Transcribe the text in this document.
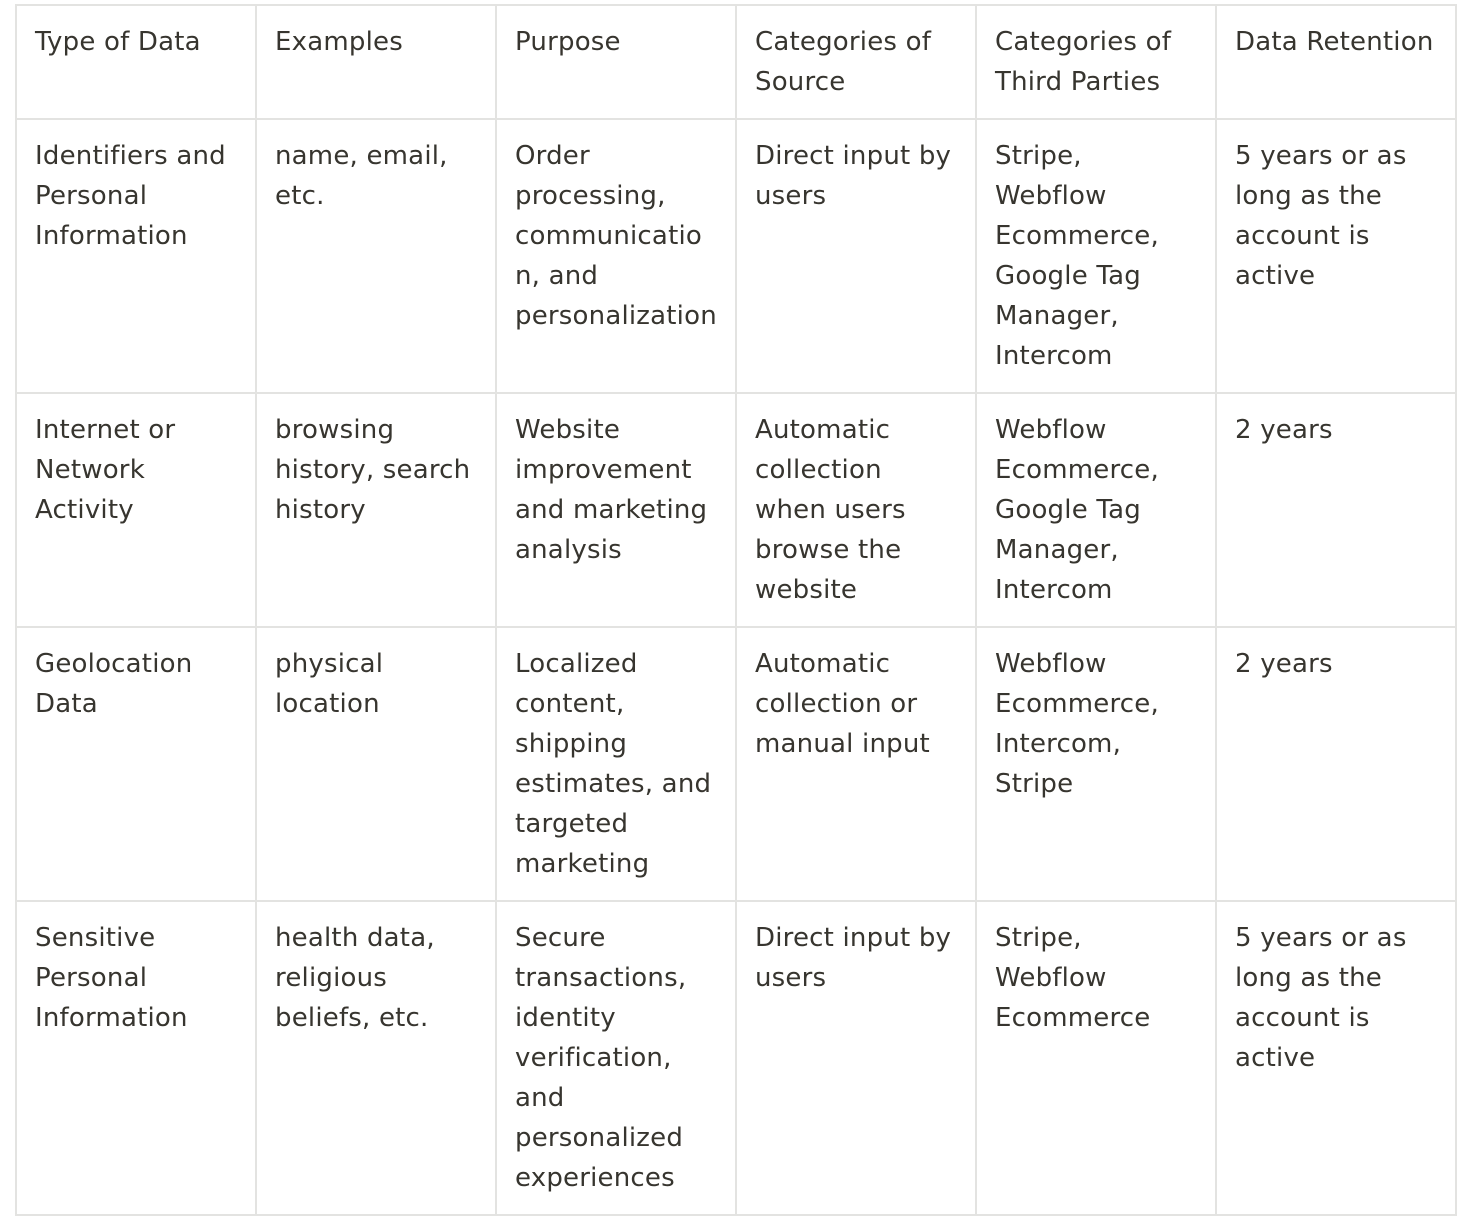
Type of Data	Examples	Purpose	Categories of Source	Categories of Third Parties	Data Retention
Identifiers and Personal Information	name, email, etc.	Order processing, communication, and personalization	Direct input by users	Stripe, Webflow Ecommerce, Google Tag Manager, Intercom	5 years or as long as the account is active
Internet or Network Activity	browsing history, search history	Website improvement and marketing analysis	Automatic collection when users browse the website	Webflow Ecommerce, Google Tag Manager, Intercom	2 years
Geolocation Data	physical location	Localized content, shipping estimates, and targeted marketing	Automatic collection or manual input	Webflow Ecommerce, Intercom, Stripe	2 years
Sensitive Personal Information	health data, religious beliefs, etc.	Secure transactions, identity verification, and personalized experiences	Direct input by users	Stripe, Webflow Ecommerce	5 years or as long as the account is active
